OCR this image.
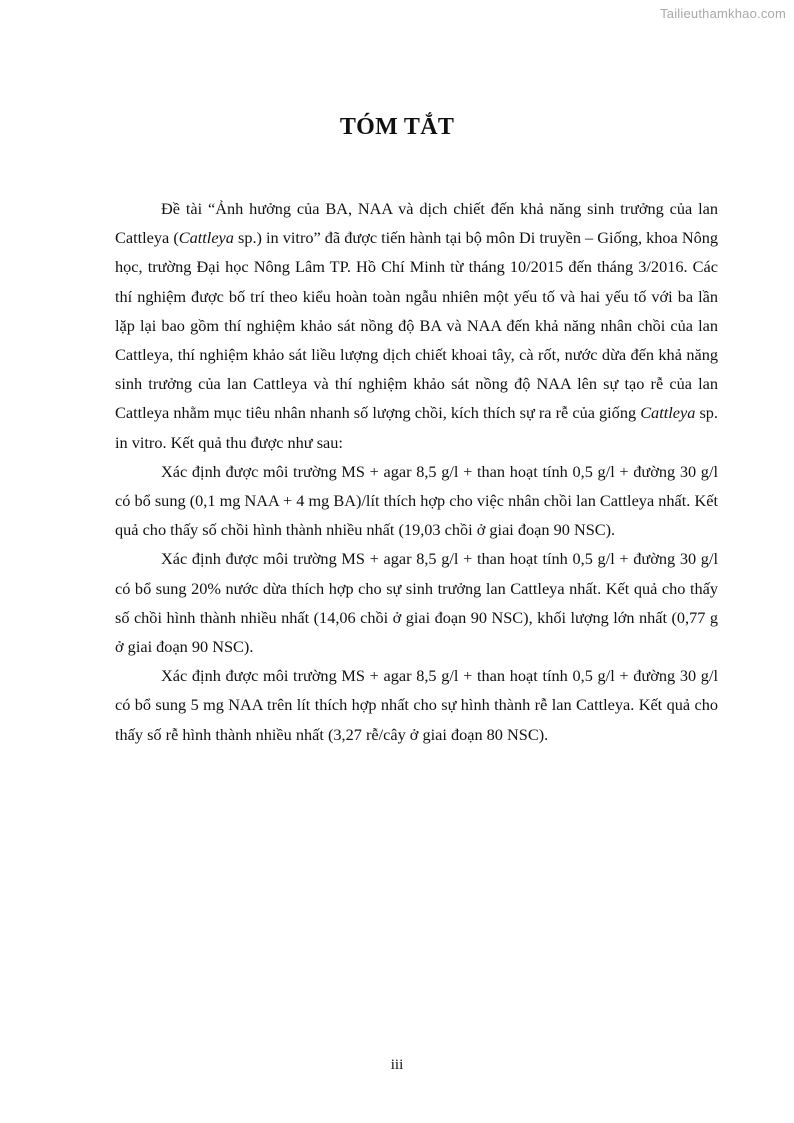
Tailieuthamkhao.com
TÓM TẮT

Đề tài “Ảnh hưởng của BA, NAA và dịch chiết đến khả năng sinh trưởng của lan Cattleya (Cattleya sp.) in vitro” đã được tiến hành tại bộ môn Di truyền – Giống, khoa Nông học, trường Đại học Nông Lâm TP. Hồ Chí Minh từ tháng 10/2015 đến tháng 3/2016. Các thí nghiệm được bố trí theo kiểu hoàn toàn ngẫu nhiên một yếu tố và hai yếu tố với ba lần lặp lại bao gồm thí nghiệm khảo sát nồng độ BA và NAA đến khả năng nhân chồi của lan Cattleya, thí nghiệm khảo sát liều lượng dịch chiết khoai tây, cà rốt, nước dừa đến khả năng sinh trưởng của lan Cattleya và thí nghiệm khảo sát nồng độ NAA lên sự tạo rễ của lan Cattleya nhằm mục tiêu nhân nhanh số lượng chồi, kích thích sự ra rễ của giống Cattleya sp. in vitro. Kết quả thu được như sau:

Xác định được môi trường MS + agar 8,5 g/l + than hoạt tính 0,5 g/l + đường 30 g/l có bổ sung (0,1 mg NAA + 4 mg BA)/lít thích hợp cho việc nhân chồi lan Cattleya nhất. Kết quả cho thấy số chồi hình thành nhiều nhất (19,03 chồi ở giai đoạn 90 NSC).

Xác định được môi trường MS + agar 8,5 g/l + than hoạt tính 0,5 g/l + đường 30 g/l có bổ sung 20% nước dừa thích hợp cho sự sinh trưởng lan Cattleya nhất. Kết quả cho thấy số chồi hình thành nhiều nhất (14,06 chồi ở giai đoạn 90 NSC), khối lượng lớn nhất (0,77 g ở giai đoạn 90 NSC).

Xác định được môi trường MS + agar 8,5 g/l + than hoạt tính 0,5 g/l + đường 30 g/l có bổ sung 5 mg NAA trên lít thích hợp nhất cho sự hình thành rễ lan Cattleya. Kết quả cho thấy số rễ hình thành nhiều nhất (3,27 rễ/cây ở giai đoạn 80 NSC).

iii
